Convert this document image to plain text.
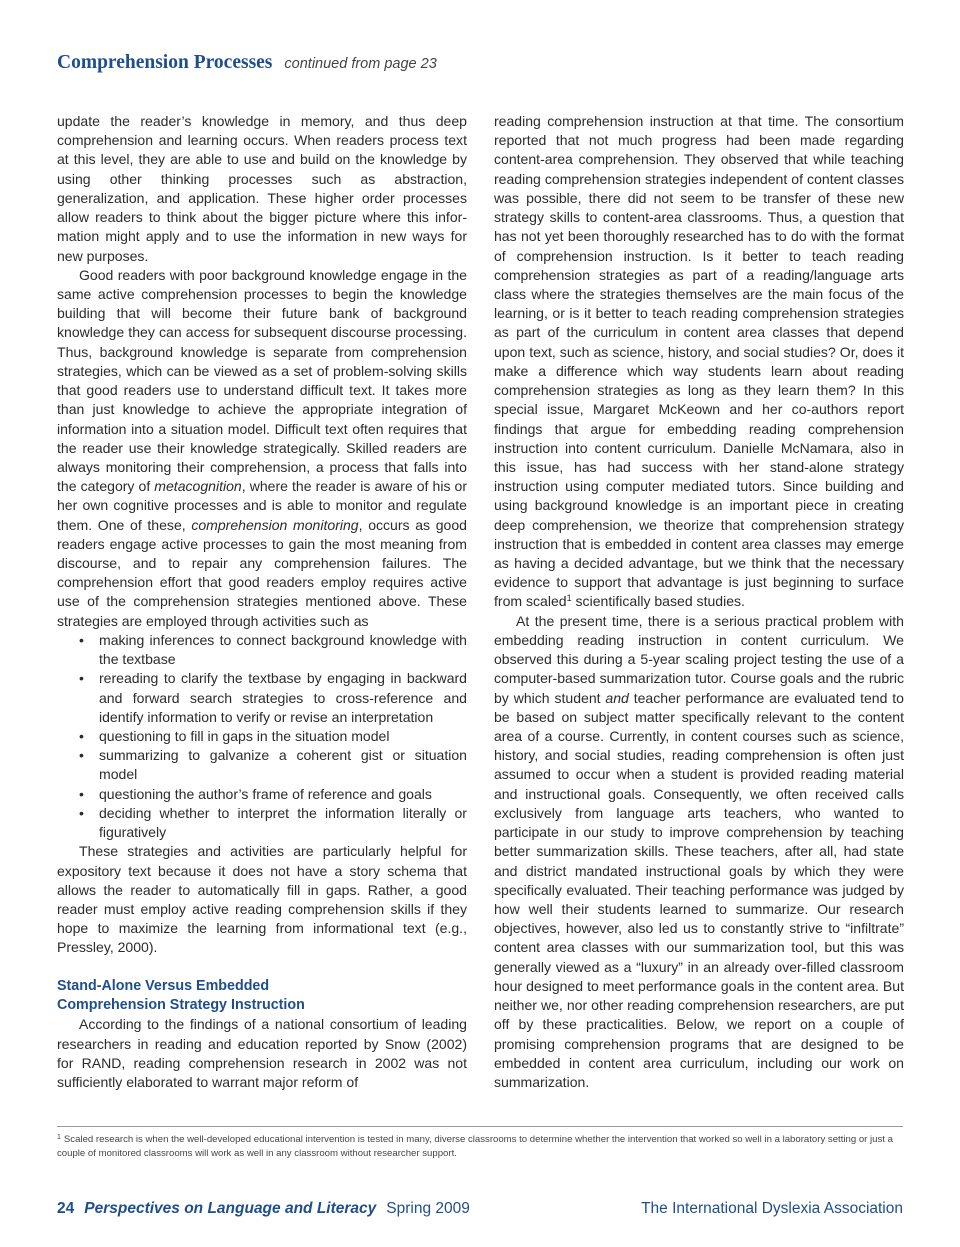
Comprehension Processes continued from page 23

update the reader’s knowledge in memory, and thus deep comprehension and learning occurs. When readers process text at this level, they are able to use and build on the knowledge by using other thinking processes such as abstraction, generalization, and application. These higher order processes allow readers to think about the bigger picture where this information might apply and to use the information in new ways for new purposes.

Good readers with poor background knowledge engage in the same active comprehension processes to begin the knowledge building that will become their future bank of background knowledge they can access for subsequent discourse processing. Thus, background knowledge is separate from comprehension strategies, which can be viewed as a set of problem-solving skills that good readers use to understand difficult text. It takes more than just knowledge to achieve the appropriate integration of information into a situation model. Difficult text often requires that the reader use their knowledge strategically. Skilled readers are always monitoring their comprehension, a process that falls into the category of metacognition, where the reader is aware of his or her own cognitive processes and is able to monitor and regulate them. One of these, comprehension monitoring, occurs as good readers engage active processes to gain the most meaning from discourse, and to repair any comprehension failures. The comprehension effort that good readers employ requires active use of the comprehension strategies mentioned above. These strategies are employed through activities such as

• making inferences to connect background knowledge with the textbase
• rereading to clarify the textbase by engaging in backward and forward search strategies to cross-reference and identify information to verify or revise an interpretation
• questioning to fill in gaps in the situation model
• summarizing to galvanize a coherent gist or situation model
• questioning the author’s frame of reference and goals
• deciding whether to interpret the information literally or figuratively

These strategies and activities are particularly helpful for expository text because it does not have a story schema that allows the reader to automatically fill in gaps. Rather, a good reader must employ active reading comprehension skills if they hope to maximize the learning from informational text (e.g., Pressley, 2000).

Stand-Alone Versus Embedded
Comprehension Strategy Instruction

According to the findings of a national consortium of leading researchers in reading and education reported by Snow (2002) for RAND, reading comprehension research in 2002 was not sufficiently elaborated to warrant major reform of

reading comprehension instruction at that time. The consortium reported that not much progress had been made regarding content-area comprehension. They observed that while teaching reading comprehension strategies independent of content classes was possible, there did not seem to be transfer of these new strategy skills to content-area classrooms. Thus, a question that has not yet been thoroughly researched has to do with the format of comprehension instruction. Is it better to teach reading comprehension strategies as part of a reading/language arts class where the strategies themselves are the main focus of the learning, or is it better to teach reading comprehension strategies as part of the curriculum in content area classes that depend upon text, such as science, history, and social studies? Or, does it make a difference which way students learn about reading comprehension strategies as long as they learn them? In this special issue, Margaret McKeown and her co-authors report findings that argue for embedding reading comprehension instruction into content curriculum. Danielle McNamara, also in this issue, has had success with her stand-alone strategy instruction using computer mediated tutors. Since building and using background knowledge is an important piece in creating deep comprehension, we theorize that comprehension strategy instruction that is embedded in content area classes may emerge as having a decided advantage, but we think that the necessary evidence to support that advantage is just beginning to surface from scaled$^1$ scientifically based studies.

At the present time, there is a serious practical problem with embedding reading instruction in content curriculum. We observed this during a 5-year scaling project testing the use of a computer-based summarization tutor. Course goals and the rubric by which student and teacher performance are evaluated tend to be based on subject matter specifically relevant to the content area of a course. Currently, in content courses such as science, history, and social studies, reading comprehension is often just assumed to occur when a student is provided reading material and instructional goals. Consequently, we often received calls exclusively from language arts teachers, who wanted to participate in our study to improve comprehension by teaching better summarization skills. These teachers, after all, had state and district mandated instructional goals by which they were specifically evaluated. Their teaching performance was judged by how well their students learned to summarize. Our research objectives, however, also led us to constantly strive to “infiltrate” content area classes with our summarization tool, but this was generally viewed as a “luxury” in an already over-filled classroom hour designed to meet performance goals in the content area. But neither we, nor other reading comprehension researchers, are put off by these practicalities. Below, we report on a couple of promising comprehension programs that are designed to be embedded in content area curriculum, including our work on summarization.

$^1$ Scaled research is when the well-developed educational intervention is tested in many, diverse classrooms to determine whether the intervention that worked so well in a laboratory setting or just a couple of monitored classrooms will work as well in any classroom without researcher support.
24 Perspectives on Language and Literacy Spring 2009	The International Dyslexia Association
